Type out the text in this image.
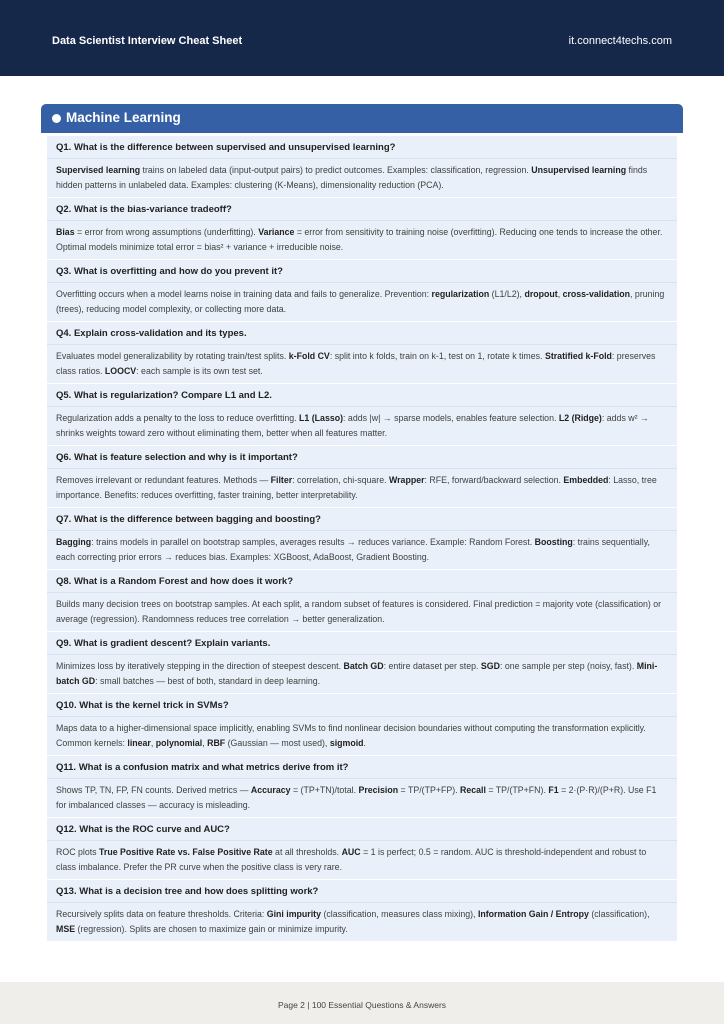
Data Scientist Interview Cheat Sheet	it.connect4techs.com
Machine Learning
Q1. What is the difference between supervised and unsupervised learning?
Supervised learning trains on labeled data (input-output pairs) to predict outcomes. Examples: classification, regression. Unsupervised learning finds hidden patterns in unlabeled data. Examples: clustering (K-Means), dimensionality reduction (PCA).
Q2. What is the bias-variance tradeoff?
Bias = error from wrong assumptions (underfitting). Variance = error from sensitivity to training noise (overfitting). Reducing one tends to increase the other. Optimal models minimize total error = bias² + variance + irreducible noise.
Q3. What is overfitting and how do you prevent it?
Overfitting occurs when a model learns noise in training data and fails to generalize. Prevention: regularization (L1/L2), dropout, cross-validation, pruning (trees), reducing model complexity, or collecting more data.
Q4. Explain cross-validation and its types.
Evaluates model generalizability by rotating train/test splits. k-Fold CV: split into k folds, train on k-1, test on 1, rotate k times. Stratified k-Fold: preserves class ratios. LOOCV: each sample is its own test set.
Q5. What is regularization? Compare L1 and L2.
Regularization adds a penalty to the loss to reduce overfitting. L1 (Lasso): adds |w| → sparse models, enables feature selection. L2 (Ridge): adds w² → shrinks weights toward zero without eliminating them, better when all features matter.
Q6. What is feature selection and why is it important?
Removes irrelevant or redundant features. Methods — Filter: correlation, chi-square. Wrapper: RFE, forward/backward selection. Embedded: Lasso, tree importance. Benefits: reduces overfitting, faster training, better interpretability.
Q7. What is the difference between bagging and boosting?
Bagging: trains models in parallel on bootstrap samples, averages results → reduces variance. Example: Random Forest. Boosting: trains sequentially, each correcting prior errors → reduces bias. Examples: XGBoost, AdaBoost, Gradient Boosting.
Q8. What is a Random Forest and how does it work?
Builds many decision trees on bootstrap samples. At each split, a random subset of features is considered. Final prediction = majority vote (classification) or average (regression). Randomness reduces tree correlation → better generalization.
Q9. What is gradient descent? Explain variants.
Minimizes loss by iteratively stepping in the direction of steepest descent. Batch GD: entire dataset per step. SGD: one sample per step (noisy, fast). Mini-batch GD: small batches — best of both, standard in deep learning.
Q10. What is the kernel trick in SVMs?
Maps data to a higher-dimensional space implicitly, enabling SVMs to find nonlinear decision boundaries without computing the transformation explicitly. Common kernels: linear, polynomial, RBF (Gaussian — most used), sigmoid.
Q11. What is a confusion matrix and what metrics derive from it?
Shows TP, TN, FP, FN counts. Derived metrics — Accuracy = (TP+TN)/total. Precision = TP/(TP+FP). Recall = TP/(TP+FN). F1 = 2·(P·R)/(P+R). Use F1 for imbalanced classes — accuracy is misleading.
Q12. What is the ROC curve and AUC?
ROC plots True Positive Rate vs. False Positive Rate at all thresholds. AUC = 1 is perfect; 0.5 = random. AUC is threshold-independent and robust to class imbalance. Prefer the PR curve when the positive class is very rare.
Q13. What is a decision tree and how does splitting work?
Recursively splits data on feature thresholds. Criteria: Gini impurity (classification, measures class mixing), Information Gain / Entropy (classification), MSE (regression). Splits are chosen to maximize gain or minimize impurity.
Page 2 | 100 Essential Questions & Answers
